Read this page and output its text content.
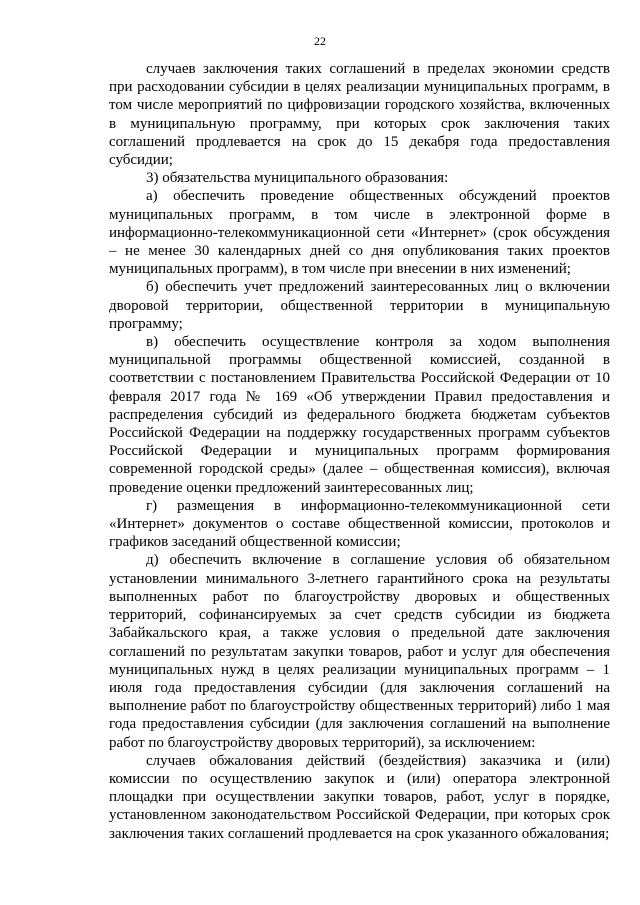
22

случаев заключения таких соглашений в пределах экономии средств при расходовании субсидии в целях реализации муниципальных программ, в том числе мероприятий по цифровизации городского хозяйства, включенных в муниципальную программу, при которых срок заключения таких соглашений продлевается на срок до 15 декабря года предоставления субсидии;

3) обязательства муниципального образования:

а) обеспечить проведение общественных обсуждений проектов муниципальных программ, в том числе в электронной форме в информационно-телекоммуникационной сети «Интернет» (срок обсуждения – не менее 30 календарных дней со дня опубликования таких проектов муниципальных программ), в том числе при внесении в них изменений;

б) обеспечить учет предложений заинтересованных лиц о включении дворовой территории, общественной территории в муниципальную программу;

в) обеспечить осуществление контроля за ходом выполнения муниципальной программы общественной комиссией, созданной в соответствии с постановлением Правительства Российской Федерации от 10 февраля 2017 года № 169 «Об утверждении Правил предоставления и распределения субсидий из федерального бюджета бюджетам субъектов Российской Федерации на поддержку государственных программ субъектов Российской Федерации и муниципальных программ формирования современной городской среды» (далее – общественная комиссия), включая проведение оценки предложений заинтересованных лиц;

г) размещения в информационно-телекоммуникационной сети «Интернет» документов о составе общественной комиссии, протоколов и графиков заседаний общественной комиссии;

д) обеспечить включение в соглашение условия об обязательном установлении минимального 3-летнего гарантийного срока на результаты выполненных работ по благоустройству дворовых и общественных территорий, софинансируемых за счет средств субсидии из бюджета Забайкальского края, а также условия о предельной дате заключения соглашений по результатам закупки товаров, работ и услуг для обеспечения муниципальных нужд в целях реализации муниципальных программ – 1 июля года предоставления субсидии (для заключения соглашений на выполнение работ по благоустройству общественных территорий) либо 1 мая года предоставления субсидии (для заключения соглашений на выполнение работ по благоустройству дворовых территорий), за исключением:

случаев обжалования действий (бездействия) заказчика и (или) комиссии по осуществлению закупок и (или) оператора электронной площадки при осуществлении закупки товаров, работ, услуг в порядке, установленном законодательством Российской Федерации, при которых срок заключения таких соглашений продлевается на срок указанного обжалования;
